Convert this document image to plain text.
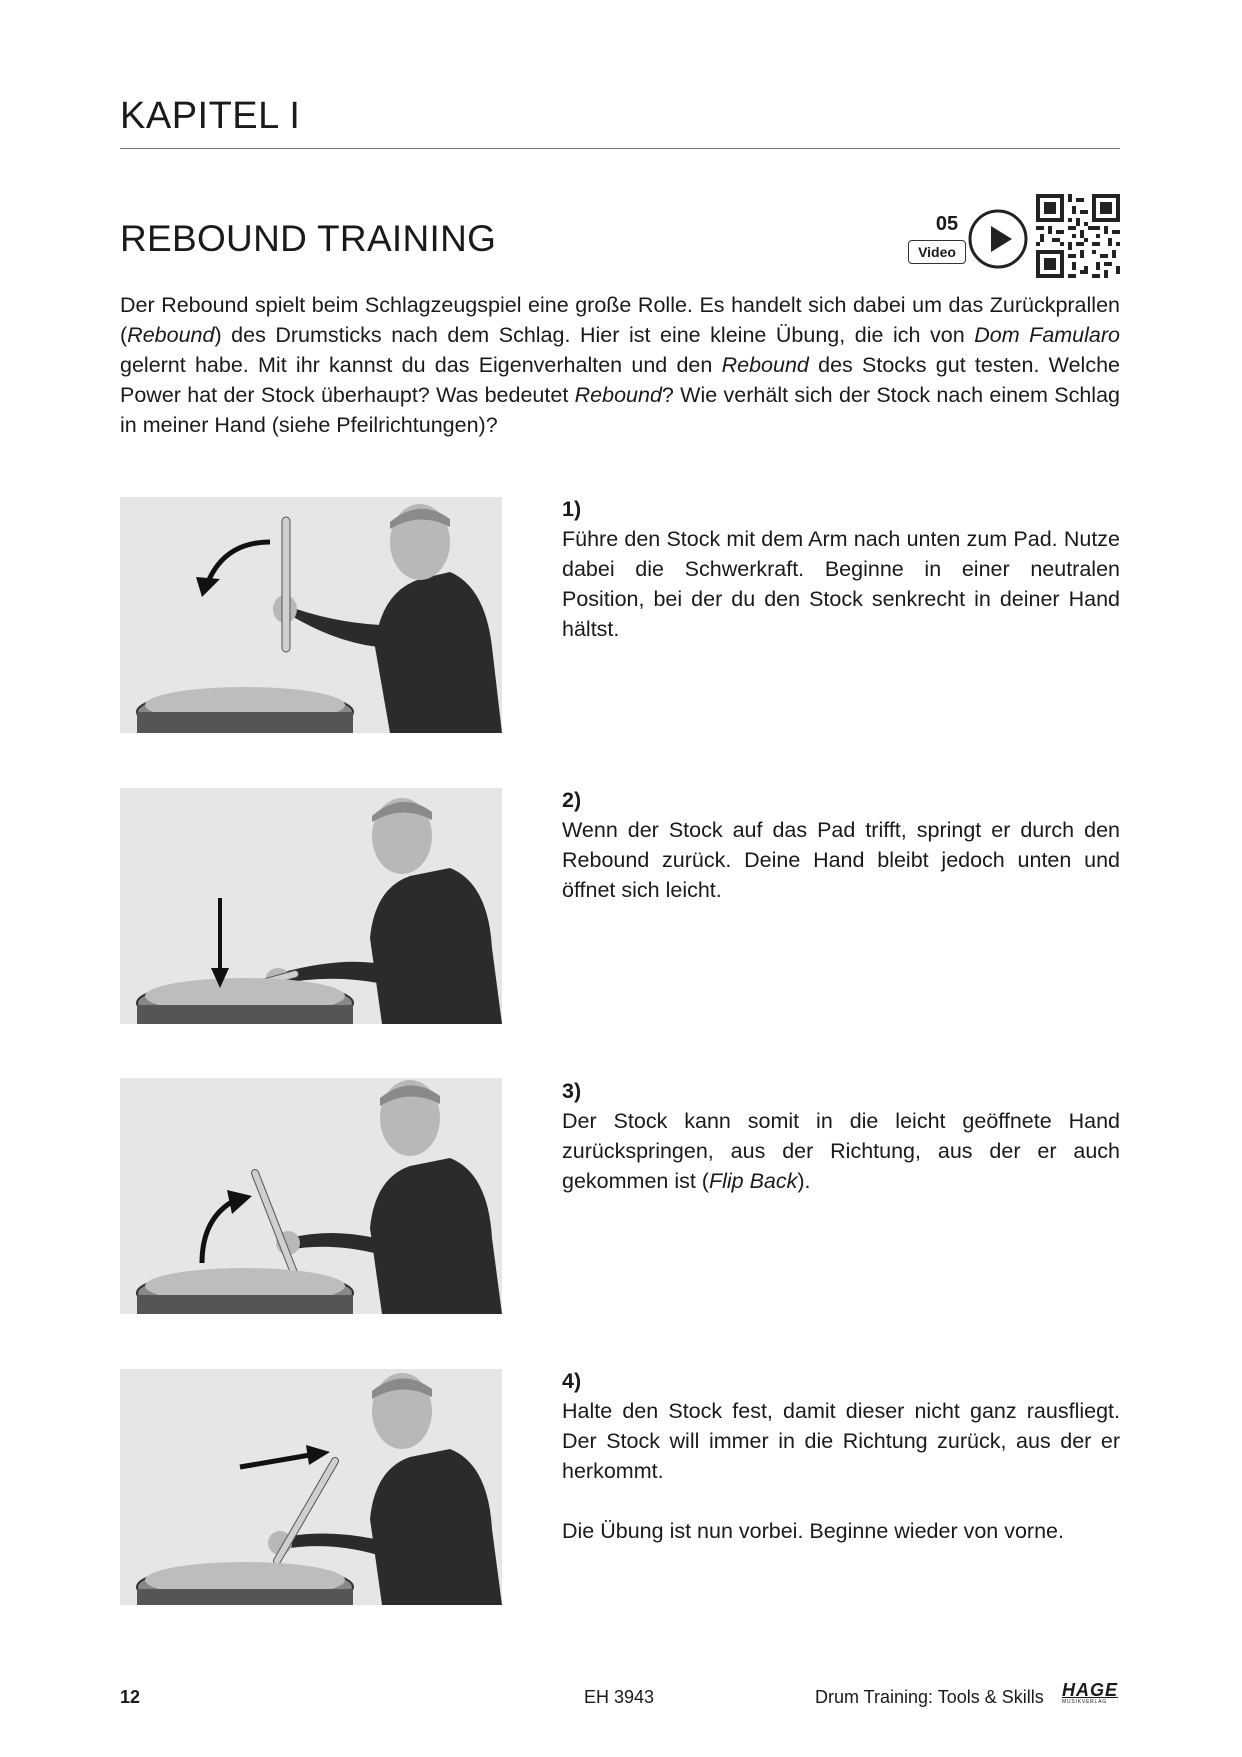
KAPITEL I
REBOUND TRAINING	05
Video
Der Rebound spielt beim Schlagzeugspiel eine große Rolle. Es handelt sich dabei um das Zurückprallen (Rebound) des Drumsticks nach dem Schlag. Hier ist eine kleine Übung, die ich von Dom Famularo gelernt habe. Mit ihr kannst du das Eigenverhalten und den Rebound des Stocks gut testen. Welche Power hat der Stock überhaupt? Was bedeutet Rebound? Wie verhält sich der Stock nach einem Schlag in meiner Hand (siehe Pfeilrichtungen)?
1)

Führe den Stock mit dem Arm nach unten zum Pad. Nutze dabei die Schwerkraft. Beginne in einer neutralen Position, bei der du den Stock senkrecht in deiner Hand hältst.

2)

Wenn der Stock auf das Pad trifft, springt er durch den Rebound zurück. Deine Hand bleibt jedoch unten und öffnet sich leicht.

3)

Der Stock kann somit in die leicht geöffnete Hand zurückspringen, aus der Richtung, aus der er auch gekommen ist (Flip Back).

4)

Halte den Stock fest, damit dieser nicht ganz rausfliegt. Der Stock will immer in die Richtung zurück, aus der er herkommt.

Die Übung ist nun vorbei. Beginne wieder von vorne.

12	EH 3943	Drum Training: Tools & Skills HAGE
MUSIKVERLAG
